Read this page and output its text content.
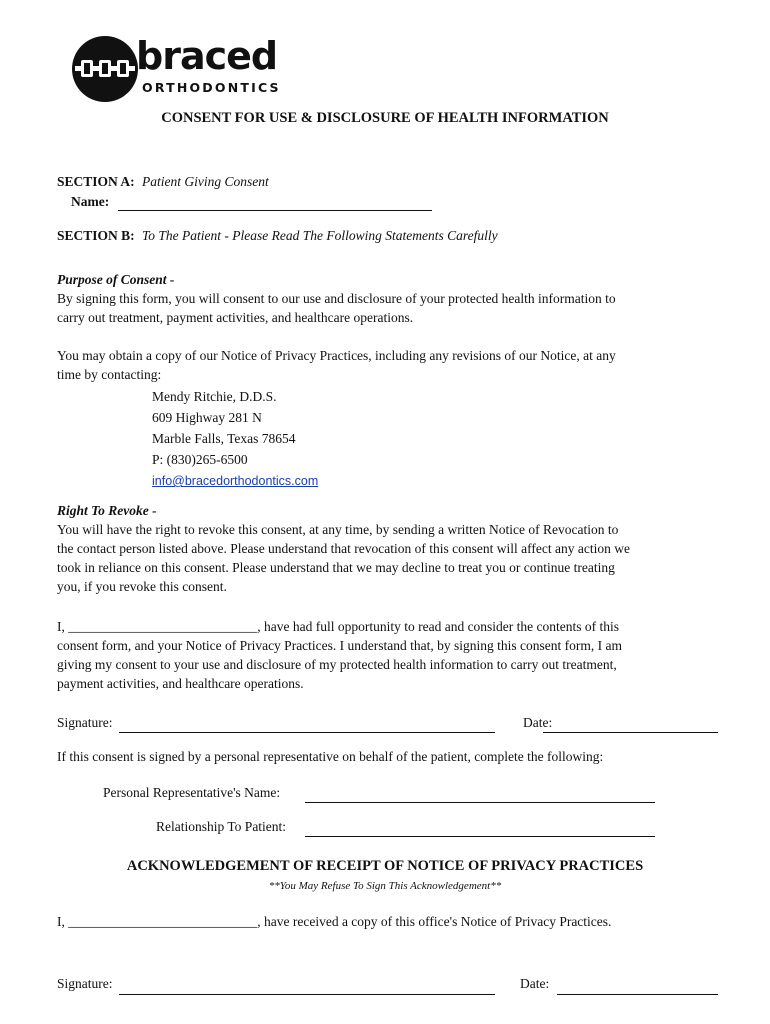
braced
ORTHODONTICS
CONSENT FOR USE & DISCLOSURE OF HEALTH INFORMATION
SECTION A: Patient Giving Consent
Name:
SECTION B: To The Patient - Please Read The Following Statements Carefully

Purpose of Consent -

By signing this form, you will consent to our use and disclosure of your protected health information to

carry out treatment, payment activities, and healthcare operations.

You may obtain a copy of our Notice of Privacy Practices, including any revisions of our Notice, at any

time by contacting:

Mendy Ritchie, D.D.S.

609 Highway 281 N

Marble Falls, Texas 78654

P: (830)265-6500

info@bracedorthodontics.com

Right To Revoke -

You will have the right to revoke this consent, at any time, by sending a written Notice of Revocation to

the contact person listed above. Please understand that revocation of this consent will affect any action we

took in reliance on this consent. Please understand that we may decline to treat you or continue treating

you, if you revoke this consent.

I, ____________________________, have had full opportunity to read and consider the contents of this

consent form, and your Notice of Privacy Practices. I understand that, by signing this consent form, I am

giving my consent to your use and disclosure of my protected health information to carry out treatment,

payment activities, and healthcare operations.

Signature:	Date:
If this consent is signed by a personal representative on behalf of the patient, complete the following:
Personal Representative's Name:
Relationship To Patient:
ACKNOWLEDGEMENT OF RECEIPT OF NOTICE OF PRIVACY PRACTICES
**You May Refuse To Sign This Acknowledgement**
I, ____________________________, have received a copy of this office's Notice of Privacy Practices.
Signature:	Date:
